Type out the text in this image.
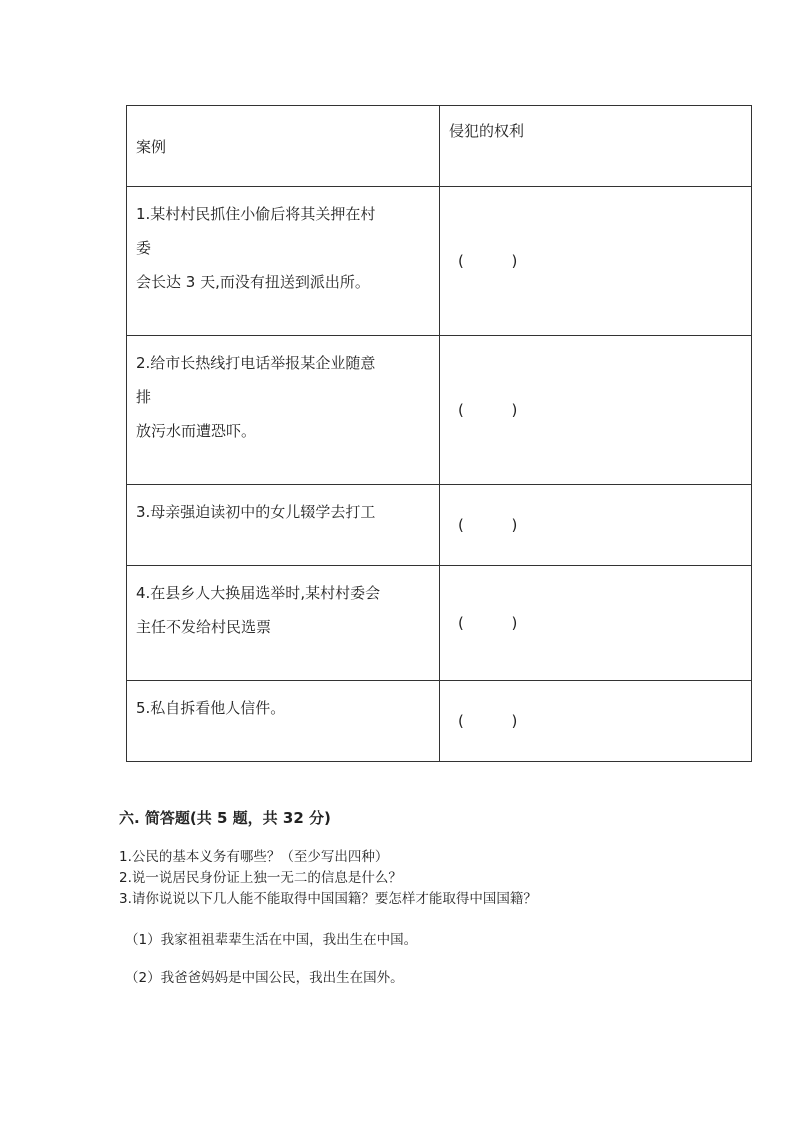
案例	侵犯的权利

1.某村村民抓住小偷后将其关押在村
委
会长达 3 天,而没有扭送到派出所。	(          )

2.给市长热线打电话举报某企业随意
排
放污水而遭恐吓。	(          )

3.母亲强迫读初中的女儿辍学去打工	(          )

4.在县乡人大换届选举时,某村村委会
主任不发给村民选票	(          )

5.私自拆看他人信件。	(          )
六. 简答题(共 5 题，共 32 分)

1.公民的基本义务有哪些？（至少写出四种）

2.说一说居民身份证上独一无二的信息是什么？

3.请你说说以下几人能不能取得中国国籍？要怎样才能取得中国国籍？

（1）我家祖祖辈辈生活在中国，我出生在中国。

（2）我爸爸妈妈是中国公民，我出生在国外。
